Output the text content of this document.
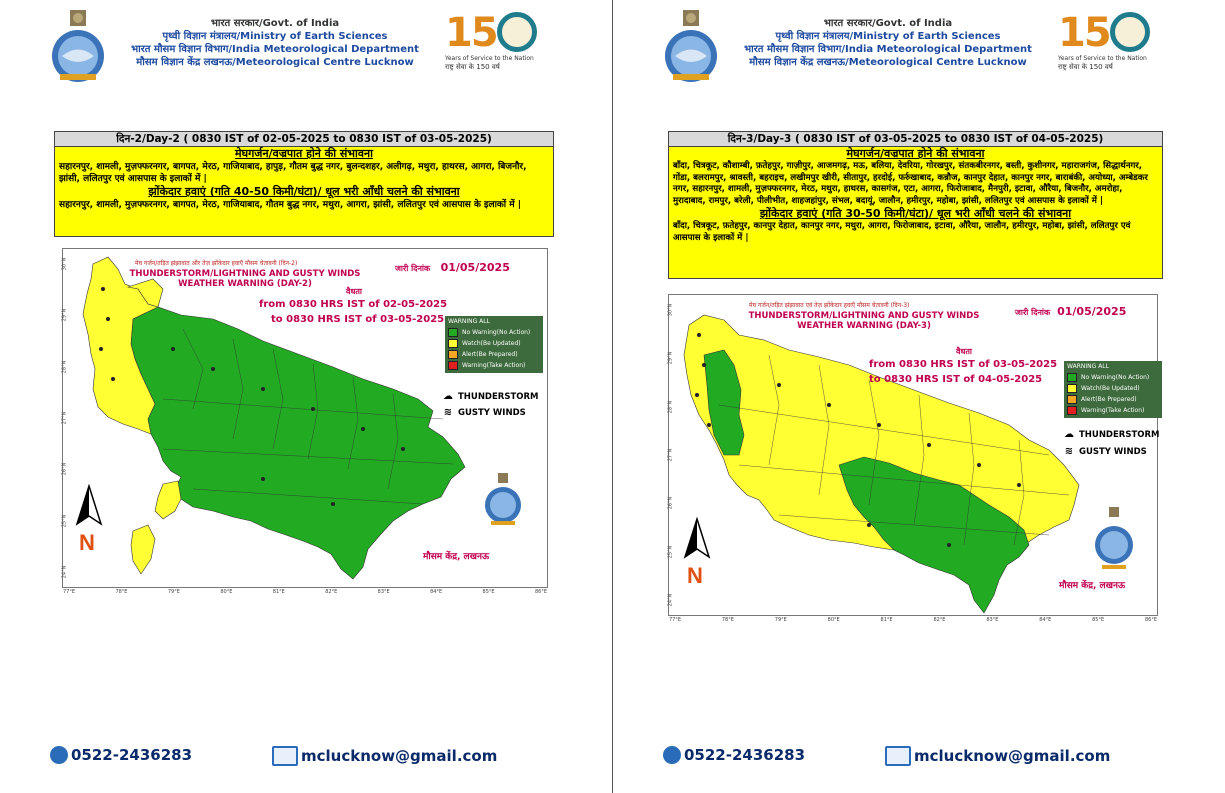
भारत सरकार/Govt. of India
पृथ्वी विज्ञान मंत्रालय/Ministry of Earth Sciences
भारत मौसम विज्ञान विभाग/India Meteorological Department
मौसम विज्ञान केंद्र लखनऊ/Meteorological Centre Lucknow
15
Years of Service to the Nation
राष्ट्र सेवा के 150 वर्ष
दिन-2/Day-2 ( 0830 IST of 02-05-2025 to 0830 IST of 03-05-2025)
मेघगर्जन/वज्रपात होने की संभावना
सहारनपुर, शामली, मुज़फ्फरनगर, बागपत, मेरठ, गाजियाबाद, हापुड़, गौतम बुद्ध नगर, बुलन्दशहर, अलीगढ़, मथुरा, हाथरस, आगरा, बिजनौर, झांसी, ललितपुर एवं आसपास के इलाकों में |
झोंकेदार हवाएं (गति 40-50 किमी/घंटा)/ धूल भरी आँधी चलने की संभावना
सहारनपुर, शामली, मुज़फ्फरनगर, बागपत, मेरठ, गाजियाबाद, गौतम बुद्ध नगर, मथुरा, आगरा, झांसी, ललितपुर एवं आसपास के इलाकों में |
मेघ गर्जन/तड़ित झंझावात और तेज़ झोंकेदार हवाएँ मौसम चेतावनी (दिन-2)
THUNDERSTORM/LIGHTNING AND GUSTY WINDS WEATHER WARNING (DAY-2)
जारी दिनांक 01/05/2025
वैधता
from 0830 HRS IST of 02-05-2025
to 0830 HRS IST of 03-05-2025 WARNING ALL
No Warning(No Action)
Watch(Be Updated)
Alert(Be Prepared)
Warning(Take Action)
☁ THUNDERSTORM
≋ GUSTY WINDS
N
मौसम केंद्र, लखनऊ
77°E	78°E	79°E	80°E	81°E	82°E	83°E	84°E	85°E	86°E
30°N
29°N
28°N
27°N
26°N
25°N
24°N
0522-2436283	mclucknow@gmail.com
भारत सरकार/Govt. of India
पृथ्वी विज्ञान मंत्रालय/Ministry of Earth Sciences
भारत मौसम विज्ञान विभाग/India Meteorological Department
मौसम विज्ञान केंद्र लखनऊ/Meteorological Centre Lucknow
15
Years of Service to the Nation
राष्ट्र सेवा के 150 वर्ष
दिन-3/Day-3 ( 0830 IST of 03-05-2025 to 0830 IST of 04-05-2025)
मेघगर्जन/वज्रपात होने की संभावना
बाँदा, चित्रकूट, कौशाम्बी, फ़तेहपुर, गाज़ीपुर, आजमगढ़, मऊ, बलिया, देवरिया, गोरखपुर, संतकबीरनगर, बस्ती, कुशीनगर, महाराजगंज, सिद्धार्थनगर, गोंडा, बलरामपुर, श्रावस्ती, बहराइच, लखीमपुर खीरी, सीतापुर, हरदोई, फर्रुखाबाद, कन्नौज, कानपुर देहात, कानपुर नगर, बाराबंकी, अयोध्या, अम्बेडकर नगर, सहारनपुर, शामली, मुज़फ्फरनगर, मेरठ, मथुरा, हाथरस, कासगंज, एटा, आगरा, फिरोजाबाद, मैनपुरी, इटावा, औरैया, बिजनौर, अमरोहा, मुरादाबाद, रामपुर, बरेली, पीलीभीत, शाहजहांपुर, संभल, बदायूं, जालौन, हमीरपुर, महोबा, झांसी, ललितपुर एवं आसपास के इलाकों में |
झोंकेदार हवाएं (गति 30-50 किमी/घंटा)/ धूल भरी आँधी चलने की संभावना
बाँदा, चित्रकूट, फ़तेहपुर, कानपुर देहात, कानपुर नगर, मथुरा, आगरा, फिरोजाबाद, इटावा, औरैया, जालौन, हमीरपुर, महोबा, झांसी, ललितपुर एवं आसपास के इलाकों में |
मेघ गर्जन/तड़ित झंझावात एवं तेज़ झोंकेदार हवाएँ मौसम चेतावनी (दिन-3)
THUNDERSTORM/LIGHTNING AND GUSTY WINDS WEATHER WARNING (DAY-3)
जारी दिनांक 01/05/2025
वैधता
from 0830 HRS IST of 03-05-2025
to 0830 HRS IST of 04-05-2025
WARNING ALL
No Warning(No Action)
Watch(Be Updated)
Alert(Be Prepared)
Warning(Take Action)
☁ THUNDERSTORM
≋ GUSTY WINDS
N	मौसम केंद्र, लखनऊ
77°E	78°E	79°E	80°E	81°E	82°E	83°E	84°E	85°E	86°E
30°N
29°N
28°N
27°N
26°N
25°N
24°N
0522-2436283	mclucknow@gmail.com
